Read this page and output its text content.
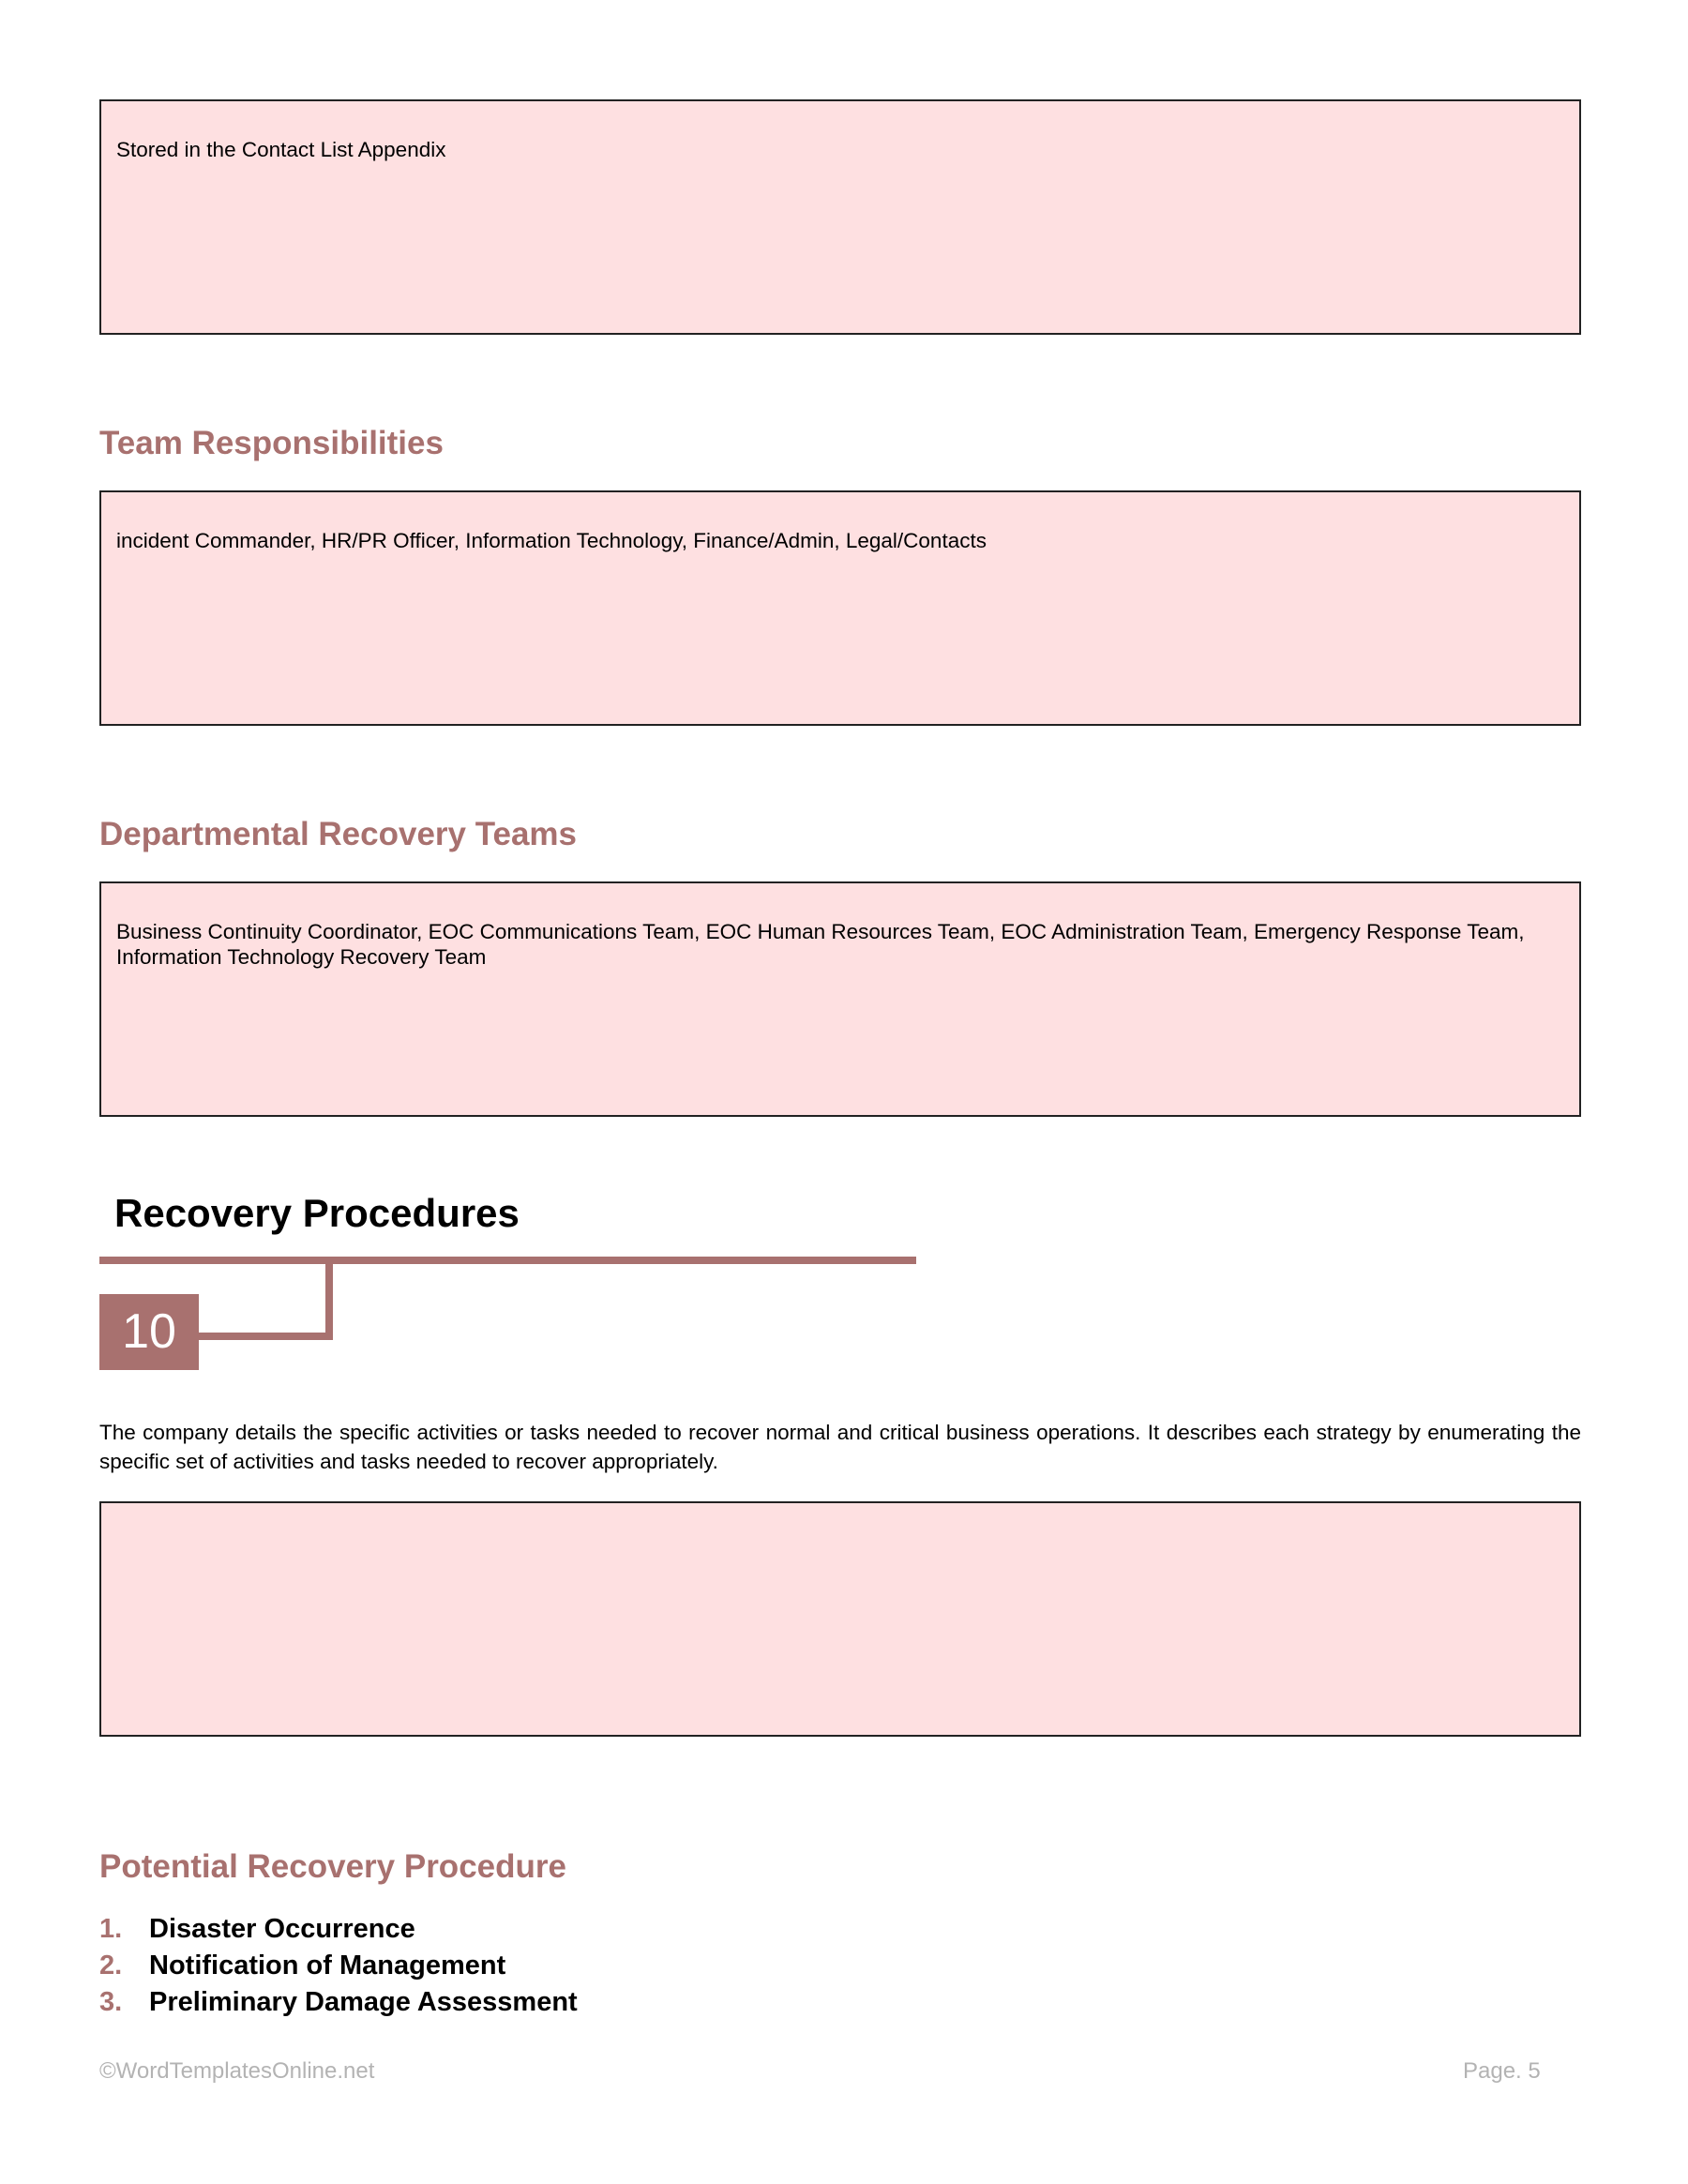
Stored in the Contact List Appendix
Team Responsibilities
incident Commander, HR/PR Officer, Information Technology, Finance/Admin, Legal/Contacts
Departmental Recovery Teams
Business Continuity Coordinator, EOC Communications Team, EOC Human Resources Team, EOC Administration Team, Emergency Response Team, Information Technology Recovery Team
Recovery Procedures
10
The company details the specific activities or tasks needed to recover normal and critical business operations. It describes each strategy by enumerating the specific set of activities and tasks needed to recover appropriately.
Potential Recovery Procedure
1. Disaster Occurrence
2. Notification of Management
3. Preliminary Damage Assessment
©WordTemplatesOnline.net	Page. 5
